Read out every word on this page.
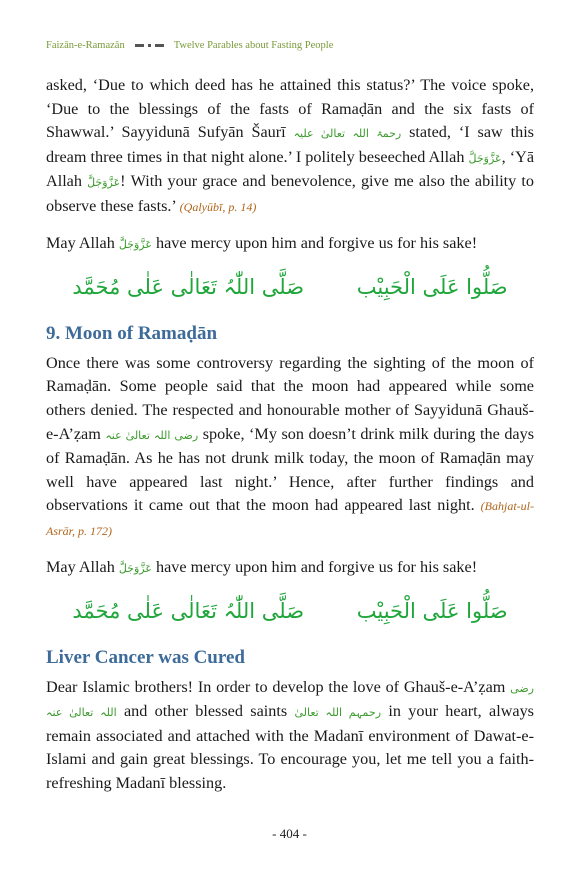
Faizān-e-Ramazān	Twelve Parables about Fasting People

asked, ‘Due to which deed has he attained this status?’ The voice spoke, ‘Due to the blessings of the fasts of Ramaḍān and the six fasts of Shawwal.’ Sayyidunā Sufyān Šaurī رحمۃ اللہ تعالیٰ علیہ stated, ‘I saw this dream three times in that night alone.’ I politely beseeched Allah عَزَّوَجَلَّ, ‘Yā Allah عَزَّوَجَلَّ! With your grace and benevolence, give me also the ability to observe these fasts.’ (Qalyūbī, p. 14)

May Allah عَزَّوَجَلَّ have mercy upon him and forgive us for his sake!

صَلَّی اللّٰہُ تَعَالٰی عَلٰی مُحَمَّد	صَلُّوا عَلَی الْحَبِیْب
9. Moon of Ramaḍān

Once there was some controversy regarding the sighting of the moon of Ramaḍān. Some people said that the moon had appeared while some others denied. The respected and honourable mother of Sayyidunā Ghauš-e-A’ẓam رضی اللہ تعالیٰ عنہ spoke, ‘My son doesn’t drink milk during the days of Ramaḍān. As he has not drunk milk today, the moon of Ramaḍān may well have appeared last night.’ Hence, after further findings and observations it came out that the moon had appeared last night. (Bahjat-ul-Asrār, p. 172)

May Allah عَزَّوَجَلَّ have mercy upon him and forgive us for his sake!

صَلَّی اللّٰہُ تَعَالٰی عَلٰی مُحَمَّد	صَلُّوا عَلَی الْحَبِیْب
Liver Cancer was Cured

Dear Islamic brothers! In order to develop the love of Ghauš-e-A’ẓam رضی اللہ تعالیٰ عنہ and other blessed saints رحمہم اللہ تعالیٰ in your heart, always remain associated and attached with the Madanī environment of Dawat-e-Islami and gain great blessings. To encourage you, let me tell you a faith-refreshing Madanī blessing.

- 404 -
